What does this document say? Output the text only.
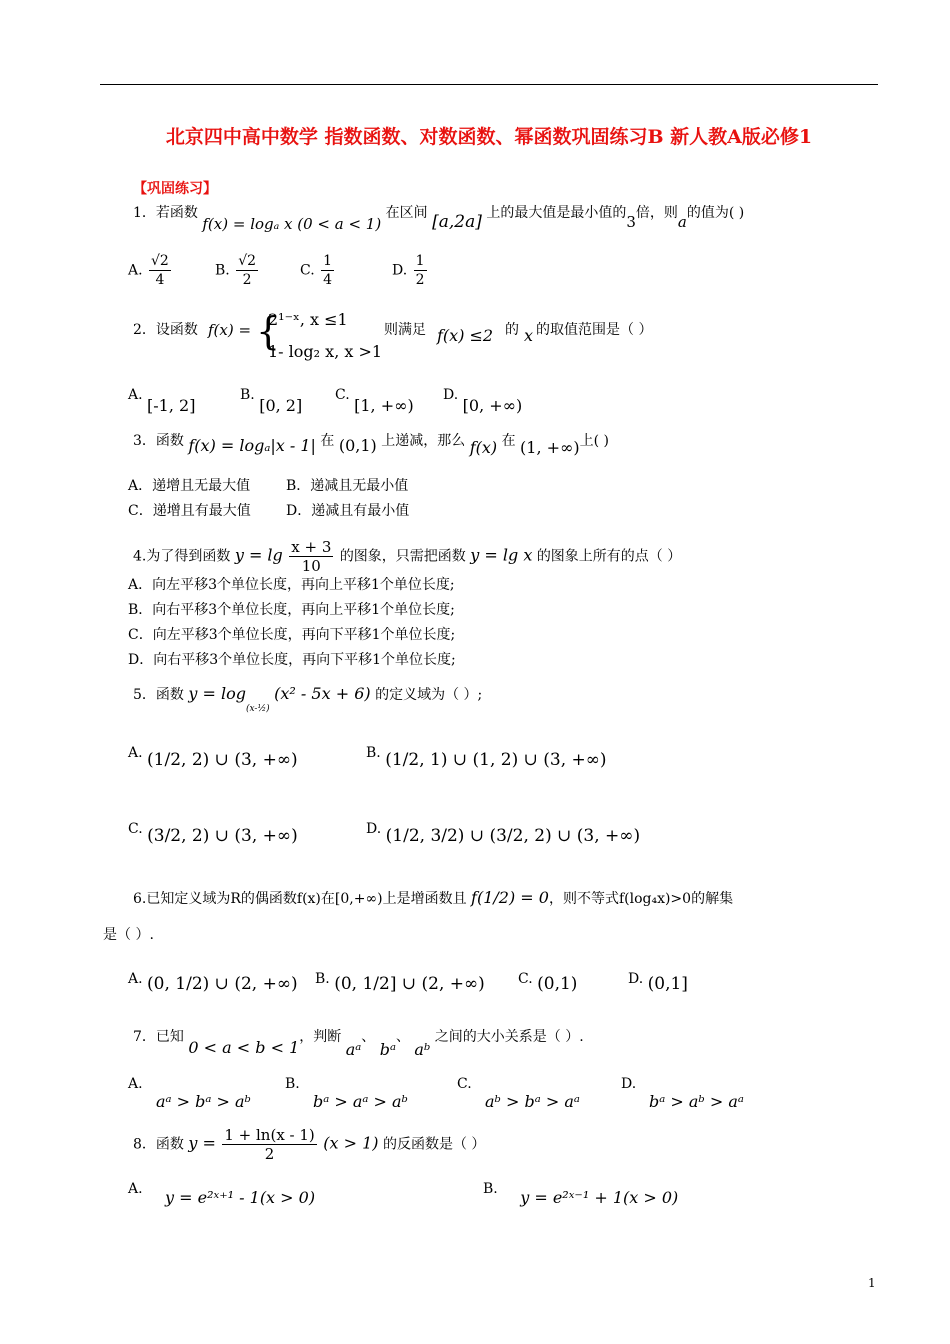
北京四中高中数学 指数函数、对数函数、幂函数巩固练习B 新人教A版必修1
【巩固练习】
1．若函数 f(x) = logₐ x (0 < a < 1) 在区间 [a,2a] 上的最大值是最小值的3倍，则a的值为( )
A. $\frac{√2}{4}$	B. $\frac{√2}{2}$	C. $\frac{1}{4}$	D. $\frac{1}{2}$
2．设函数 f(x) = {
2¹⁻ˣ, x ≤1
1- log₂ x, x >1
则满足 f(x) ≤2 的 x 的取值范围是（ ）
A. [-1, 2]
B. [0, 2]
C. [1, +∞)
D. [0, +∞)
3．函数 f(x) = logₐ|x - 1| 在 (0,1) 上递减，那么 f(x) 在 (1, +∞)上( )
A．递增且无最大值	B．递减且无最小值
C．递增且有最大值	D．递减且有最小值
4.为了得到函数 $y = \lg \frac{x + 3}{10}$ 的图象，只需把函数 y = lg x 的图象上所有的点（ ）
A．向左平移3个单位长度，再向上平移1个单位长度;
B．向右平移3个单位长度，再向上平移1个单位长度;
C．向左平移3个单位长度，再向下平移1个单位长度;
D．向右平移3个单位长度，再向下平移1个单位长度;
5．函数 $y = \log_{(x-\frac{1}{2})} (x^2 - 5x + 6)$ 的定义域为（ ）;
A. (1/2, 2) ∪ (3, +∞)	B. (1/2, 1) ∪ (1, 2) ∪ (3, +∞)
C. (3/2, 2) ∪ (3, +∞)	D. (1/2, 3/2) ∪ (3/2, 2) ∪ (3, +∞)
6.已知定义域为R的偶函数f(x)在[0,+∞)上是增函数且 f(1/2) = 0，则不等式f(log₄x)>0的解集
是（ ）.
A. (0, 1/2) ∪ (2, +∞) B. (0, 1/2] ∪ (2, +∞) C. (0,1)	D. (0,1]
7．已知 0 < a < b < 1，判断 aᵃ、 bᵃ、 aᵇ 之间的大小关系是（ ）.
A.
aᵃ > bᵃ > aᵇ
B.
bᵃ > aᵃ > aᵇ
C.
aᵇ > bᵃ > aᵃ
D.
bᵃ > aᵇ > aᵃ
8．函数 $y = \frac{1 + \ln(x - 1)}{2} (x > 1)$ 的反函数是（ ）
A. y = e²ˣ⁺¹ - 1(x > 0)	B. y = e²ˣ⁻¹ + 1(x > 0)
1
